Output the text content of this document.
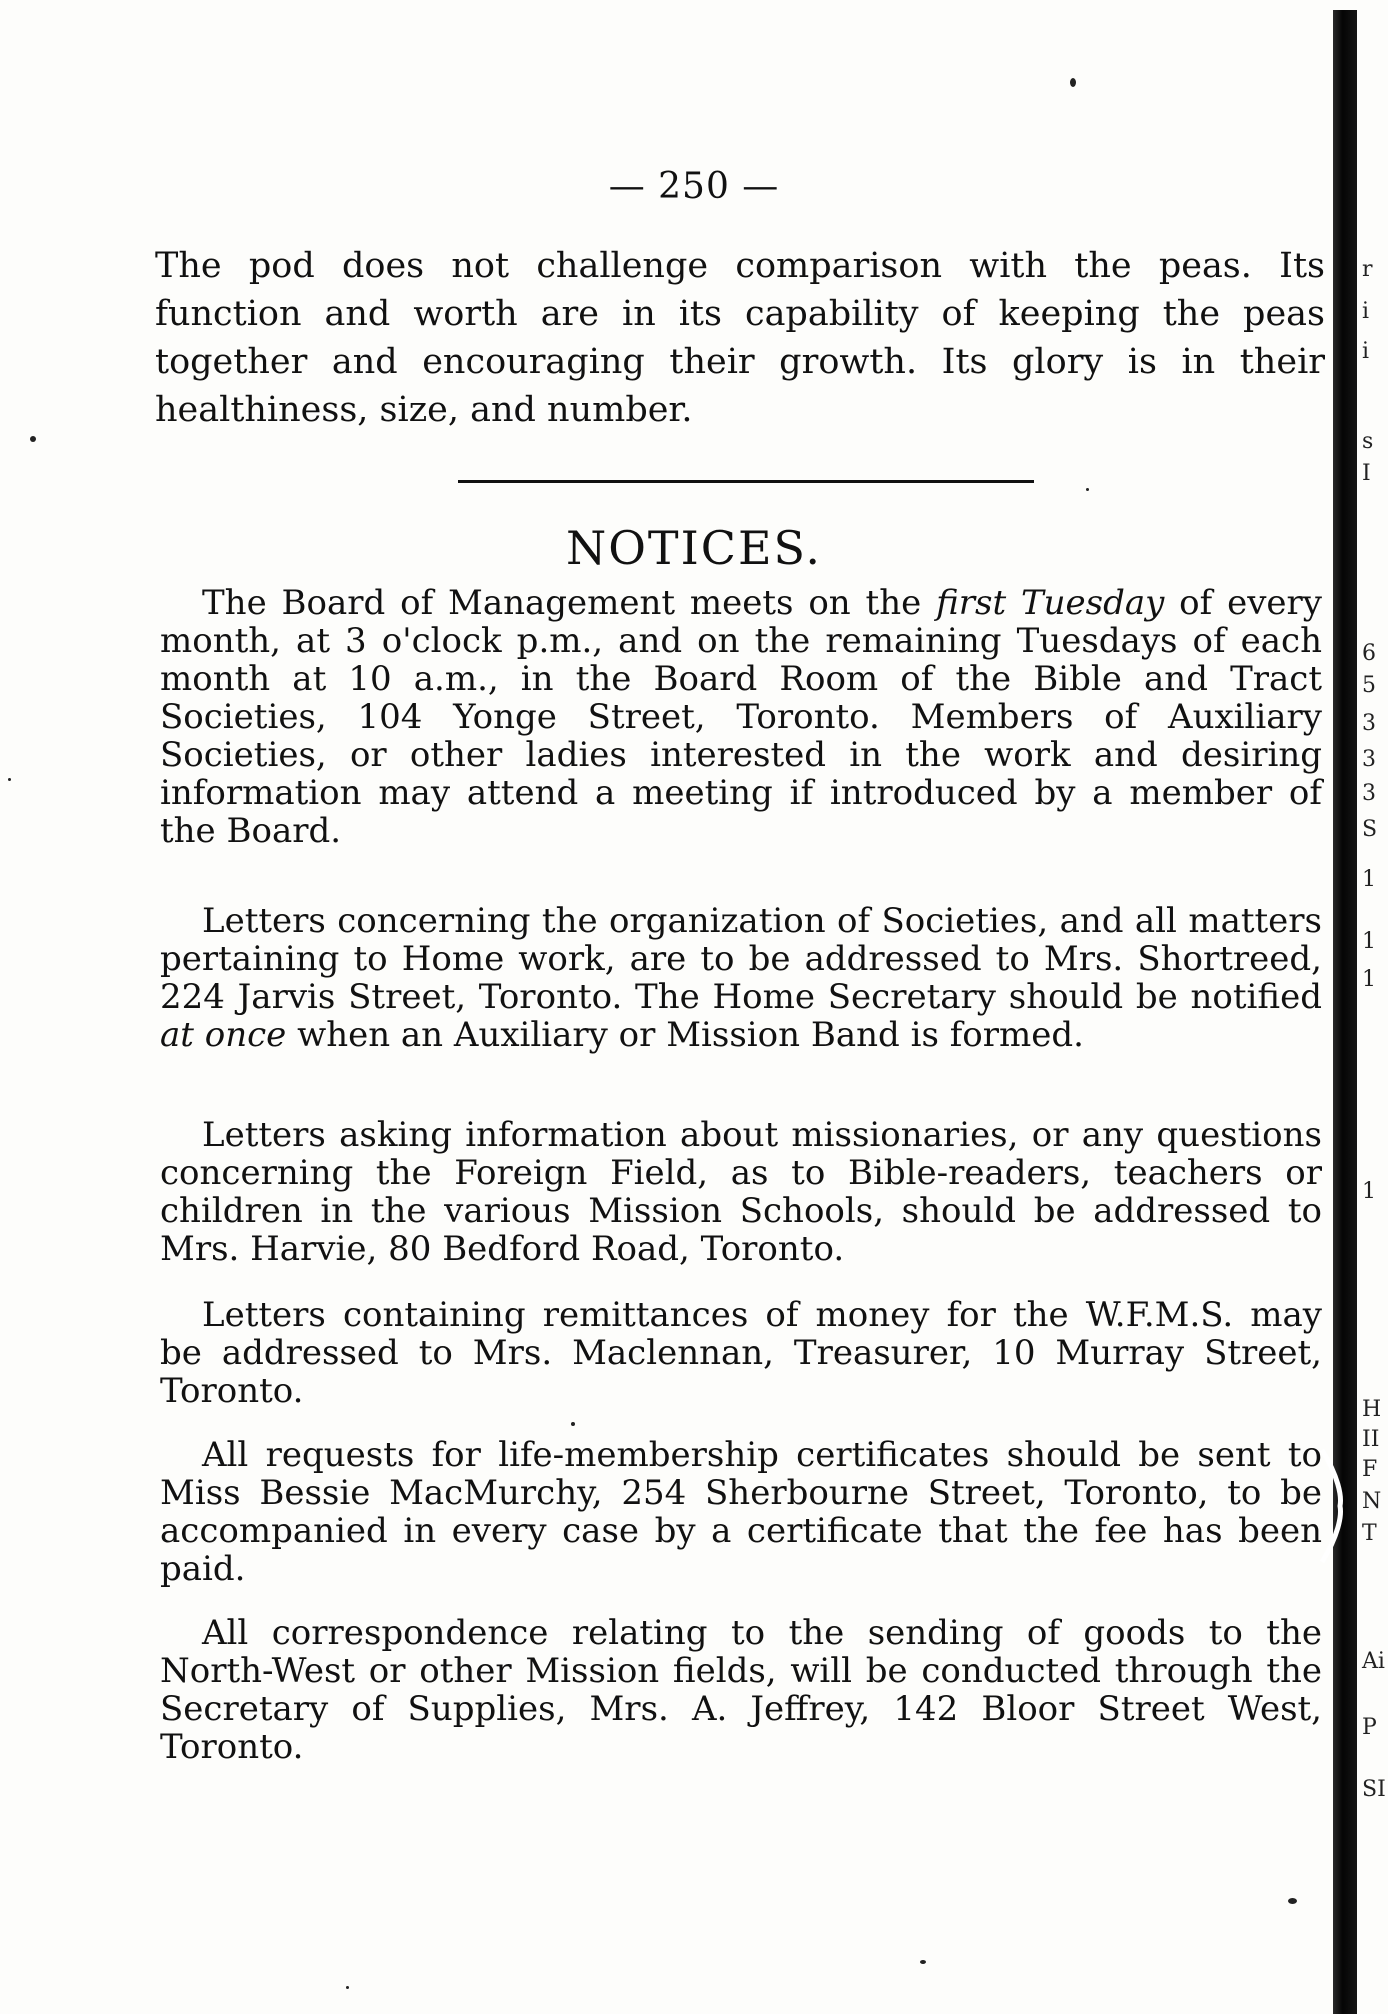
— 250 —
The pod does not challenge comparison with the peas. Its function and worth are in its capability of keeping the peas together and encouraging their growth. Its glory is in their healthiness, size, and number.
NOTICES.
The Board of Management meets on the first Tuesday of every month, at 3 o'clock p.m., and on the remaining Tuesdays of each month at 10 a.m., in the Board Room of the Bible and Tract Societies, 104 Yonge Street, Toronto. Members of Auxiliary Societies, or other ladies interested in the work and desiring information may attend a meeting if introduced by a member of the Board.
Letters concerning the organization of Societies, and all matters pertaining to Home work, are to be addressed to Mrs. Shortreed, 224 Jarvis Street, Toronto. The Home Secretary should be notified at once when an Auxiliary or Mission Band is formed.
Letters asking information about missionaries, or any questions concerning the Foreign Field, as to Bible-readers, teachers or children in the various Mission Schools, should be addressed to Mrs. Harvie, 80 Bedford Road, Toronto.
Letters containing remittances of money for the W.F.M.S. may be addressed to Mrs. Maclennan, Treasurer, 10 Murray Street, Toronto.
All requests for life-membership certificates should be sent to Miss Bessie MacMurchy, 254 Sherbourne Street, Toronto, to be accompanied in every case by a certificate that the fee has been paid.
All correspondence relating to the sending of goods to the North-West or other Mission fields, will be conducted through the Secretary of Supplies, Mrs. A. Jeffrey, 142 Bloor Street West, Toronto.
r
i
i
s
I
6
5
3
3
3
S
1
1
1
1
H
II
F
N
T
Ai
P
SI
